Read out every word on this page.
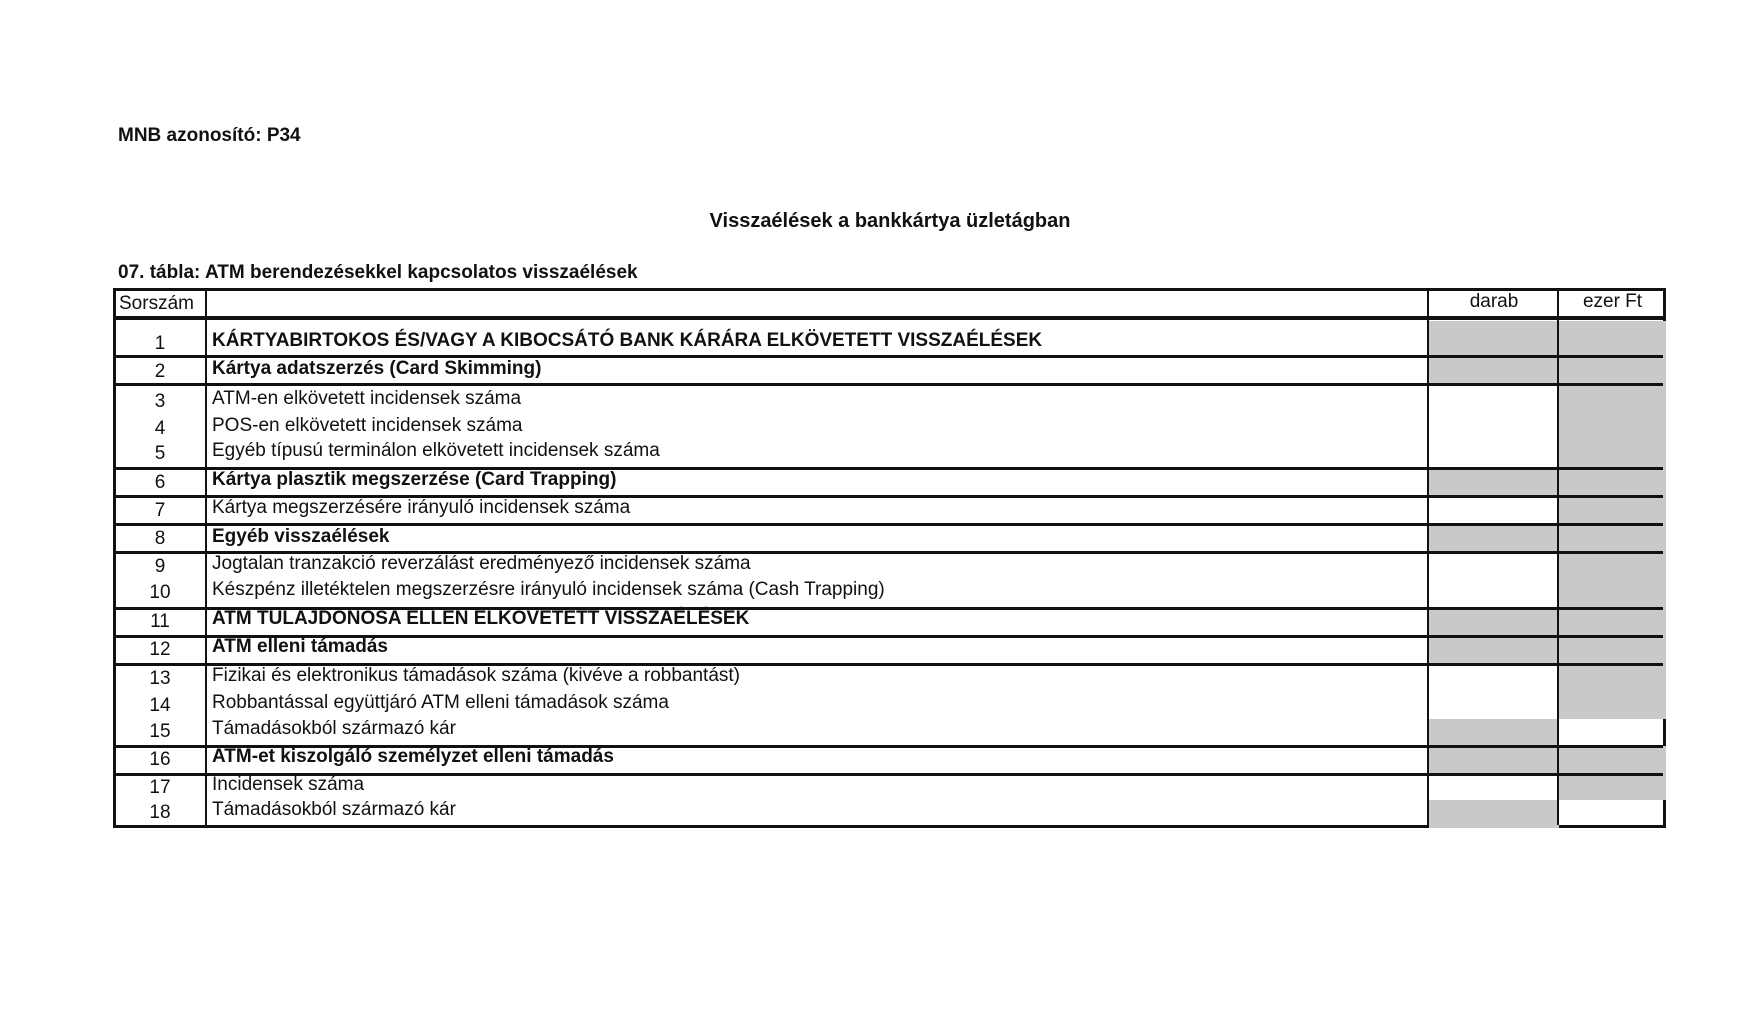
MNB azonosító: P34
Visszaélések a bankkártya üzletágban
07. tábla: ATM berendezésekkel kapcsolatos visszaélések
Sorszám	darab	ezer Ft
1
2
3
4
5
6
7
8
9
10
11
12
13
14
15
16
17
18
KÁRTYABIRTOKOS ÉS/VAGY A KIBOCSÁTÓ BANK KÁRÁRA ELKÖVETETT VISSZAÉLÉSEK
Kártya adatszerzés (Card Skimming)
ATM-en elkövetett incidensek száma
POS-en elkövetett incidensek száma
Egyéb típusú terminálon elkövetett incidensek száma
Kártya plasztik megszerzése (Card Trapping)
Kártya megszerzésére irányuló incidensek száma
Egyéb visszaélések
Jogtalan tranzakció reverzálást eredményező incidensek száma
Készpénz illetéktelen megszerzésre irányuló incidensek száma (Cash Trapping)
ATM TULAJDONOSA ELLEN ELKÖVETETT VISSZAÉLÉSEK
ATM elleni támadás
Fizikai és elektronikus támadások száma (kivéve a robbantást)
Robbantással együttjáró ATM elleni támadások száma
Támadásokból származó kár
ATM-et kiszolgáló személyzet elleni támadás
Incidensek száma
Támadásokból származó kár
